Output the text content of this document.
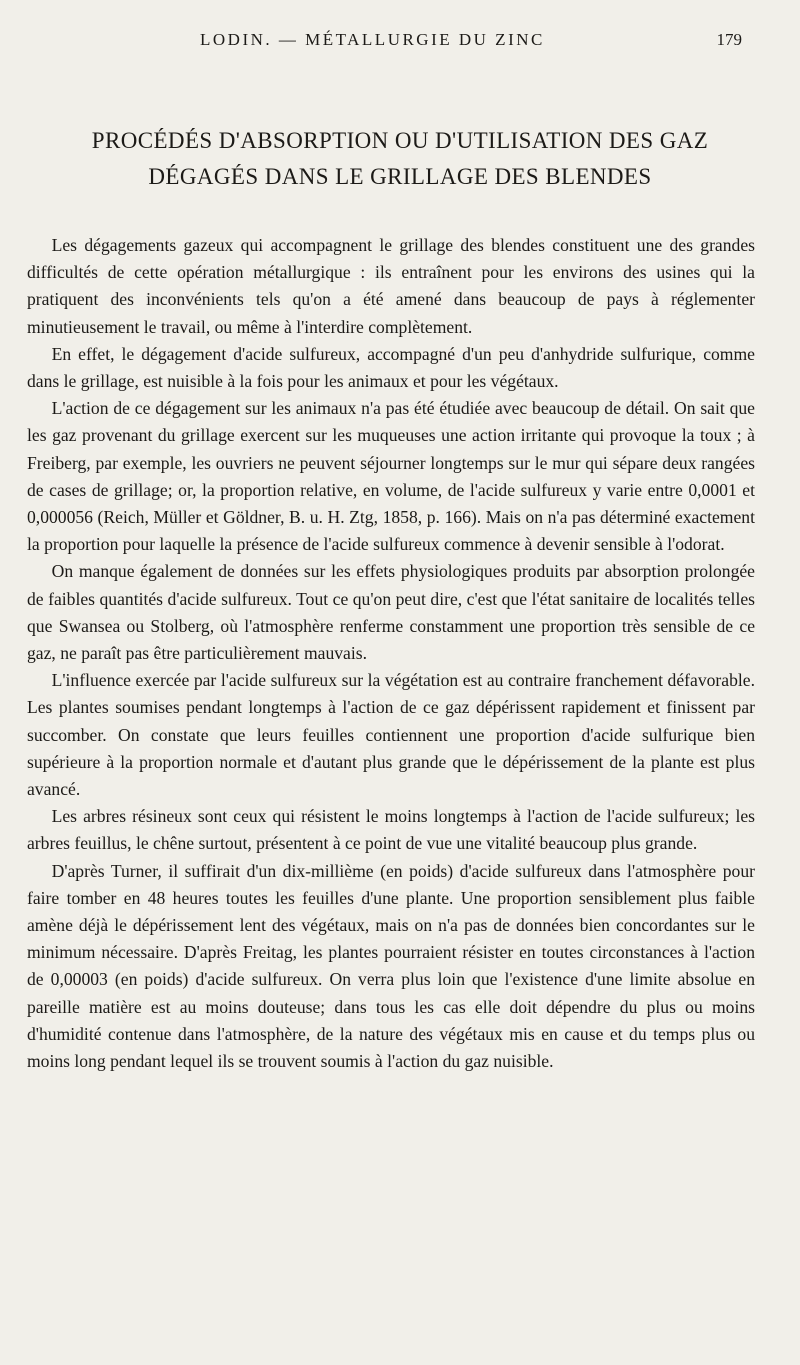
LODIN. — MÉTALLURGIE DU ZINC	179
PROCÉDÉS D'ABSORPTION OU D'UTILISATION DES GAZ
DÉGAGÉS DANS LE GRILLAGE DES BLENDES

Les dégagements gazeux qui accompagnent le grillage des blendes constituent une des grandes difficultés de cette opération métallurgique : ils entraînent pour les environs des usines qui la pratiquent des inconvénients tels qu'on a été amené dans beaucoup de pays à réglementer minutieusement le travail, ou même à l'interdire complètement.

En effet, le dégagement d'acide sulfureux, accompagné d'un peu d'anhydride sulfurique, comme dans le grillage, est nuisible à la fois pour les animaux et pour les végétaux.

L'action de ce dégagement sur les animaux n'a pas été étudiée avec beaucoup de détail. On sait que les gaz provenant du grillage exercent sur les muqueuses une action irritante qui provoque la toux ; à Freiberg, par exemple, les ouvriers ne peuvent séjourner longtemps sur le mur qui sépare deux rangées de cases de grillage; or, la proportion relative, en volume, de l'acide sulfureux y varie entre 0,0001 et 0,000056 (Reich, Müller et Göldner, B. u. H. Ztg, 1858, p. 166). Mais on n'a pas déterminé exactement la proportion pour laquelle la présence de l'acide sulfureux commence à devenir sensible à l'odorat.

On manque également de données sur les effets physiologiques produits par absorption prolongée de faibles quantités d'acide sulfureux. Tout ce qu'on peut dire, c'est que l'état sanitaire de localités telles que Swansea ou Stolberg, où l'atmosphère renferme constamment une proportion très sensible de ce gaz, ne paraît pas être particulièrement mauvais.

L'influence exercée par l'acide sulfureux sur la végétation est au contraire franchement défavorable. Les plantes soumises pendant longtemps à l'action de ce gaz dépérissent rapidement et finissent par succomber. On constate que leurs feuilles contiennent une proportion d'acide sulfurique bien supérieure à la proportion normale et d'autant plus grande que le dépérissement de la plante est plus avancé.

Les arbres résineux sont ceux qui résistent le moins longtemps à l'action de l'acide sulfureux; les arbres feuillus, le chêne surtout, présentent à ce point de vue une vitalité beaucoup plus grande.

D'après Turner, il suffirait d'un dix-millième (en poids) d'acide sulfureux dans l'atmosphère pour faire tomber en 48 heures toutes les feuilles d'une plante. Une proportion sensiblement plus faible amène déjà le dépérissement lent des végétaux, mais on n'a pas de données bien concordantes sur le minimum nécessaire. D'après Freitag, les plantes pourraient résister en toutes circonstances à l'action de 0,00003 (en poids) d'acide sulfureux. On verra plus loin que l'existence d'une limite absolue en pareille matière est au moins douteuse; dans tous les cas elle doit dépendre du plus ou moins d'humidité contenue dans l'atmosphère, de la nature des végétaux mis en cause et du temps plus ou moins long pendant lequel ils se trouvent soumis à l'action du gaz nuisible.
